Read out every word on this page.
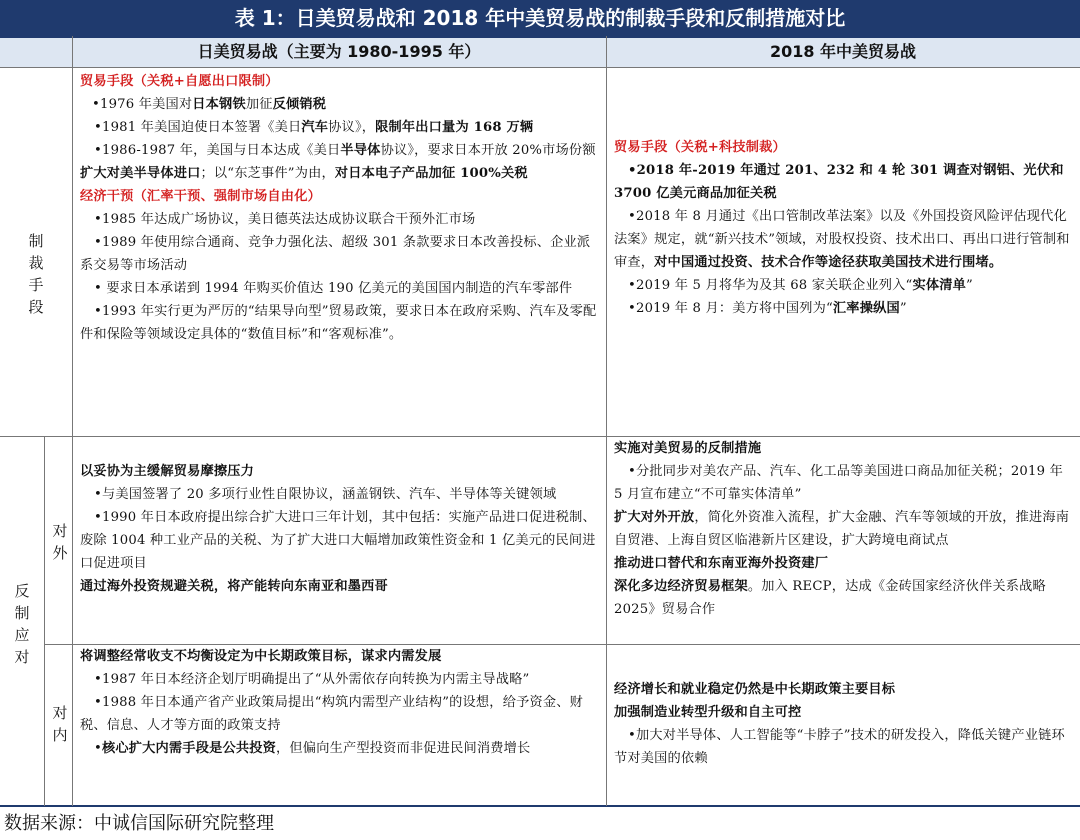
表 1：日美贸易战和 2018 年中美贸易战的制裁手段和反制措施对比
日美贸易战（主要为 1980-1995 年）	2018 年中美贸易战
制裁手段
反制应对
对外
对内

贸易手段（关税+自愿出口限制）

•1976 年美国对日本钢铁加征反倾销税

•1981 年美国迫使日本签署《美日汽车协议》，限制年出口量为 168 万辆

•1986-1987 年，美国与日本达成《美日半导体协议》，要求日本开放 20%市场份额扩大对美半导体进口；以“东芝事件”为由，对日本电子产品加征 100%关税

经济干预（汇率干预、强制市场自由化）

•1985 年达成广场协议，美日德英法达成协议联合干预外汇市场

•1989 年使用综合通商、竞争力强化法、超级 301 条款要求日本改善投标、企业派系交易等市场活动

• 要求日本承诺到 1994 年购买价值达 190 亿美元的美国国内制造的汽车零部件

•1993 年实行更为严厉的“结果导向型”贸易政策，要求日本在政府采购、汽车及零配件和保险等领域设定具体的“数值目标”和“客观标准”。

贸易手段（关税+科技制裁）

•2018 年-2019 年通过 201、232 和 4 轮 301 调查对钢铝、光伏和 3700 亿美元商品加征关税

•2018 年 8 月通过《出口管制改革法案》以及《外国投资风险评估现代化法案》规定，就“新兴技术”领域，对股权投资、技术出口、再出口进行管制和审查，对中国通过投资、技术合作等途径获取美国技术进行围堵。

•2019 年 5 月将华为及其 68 家关联企业列入“实体清单”

•2019 年 8 月：美方将中国列为“汇率操纵国”

以妥协为主缓解贸易摩擦压力

•与美国签署了 20 多项行业性自限协议，涵盖钢铁、汽车、半导体等关键领域

•1990 年日本政府提出综合扩大进口三年计划，其中包括：实施产品进口促进税制、废除 1004 种工业产品的关税、为了扩大进口大幅增加政策性资金和 1 亿美元的民间进口促进项目

通过海外投资规避关税，将产能转向东南亚和墨西哥

实施对美贸易的反制措施

•分批同步对美农产品、汽车、化工品等美国进口商品加征关税；2019 年 5 月宣布建立“不可靠实体清单”

扩大对外开放，简化外资准入流程，扩大金融、汽车等领域的开放，推进海南自贸港、上海自贸区临港新片区建设，扩大跨境电商试点

推动进口替代和东南亚海外投资建厂

深化多边经济贸易框架。加入 RECP，达成《金砖国家经济伙伴关系战略 2025》贸易合作

将调整经常收支不均衡设定为中长期政策目标，谋求内需发展

•1987 年日本经济企划厅明确提出了“从外需依存向转换为内需主导战略”

•1988 年日本通产省产业政策局提出“构筑内需型产业结构”的设想，给予资金、财税、信息、人才等方面的政策支持

•核心扩大内需手段是公共投资，但偏向生产型投资而非促进民间消费增长

经济增长和就业稳定仍然是中长期政策主要目标

加强制造业转型升级和自主可控

•加大对半导体、人工智能等“卡脖子”技术的研发投入，降低关键产业链环节对美国的依赖

数据来源：中诚信国际研究院整理
